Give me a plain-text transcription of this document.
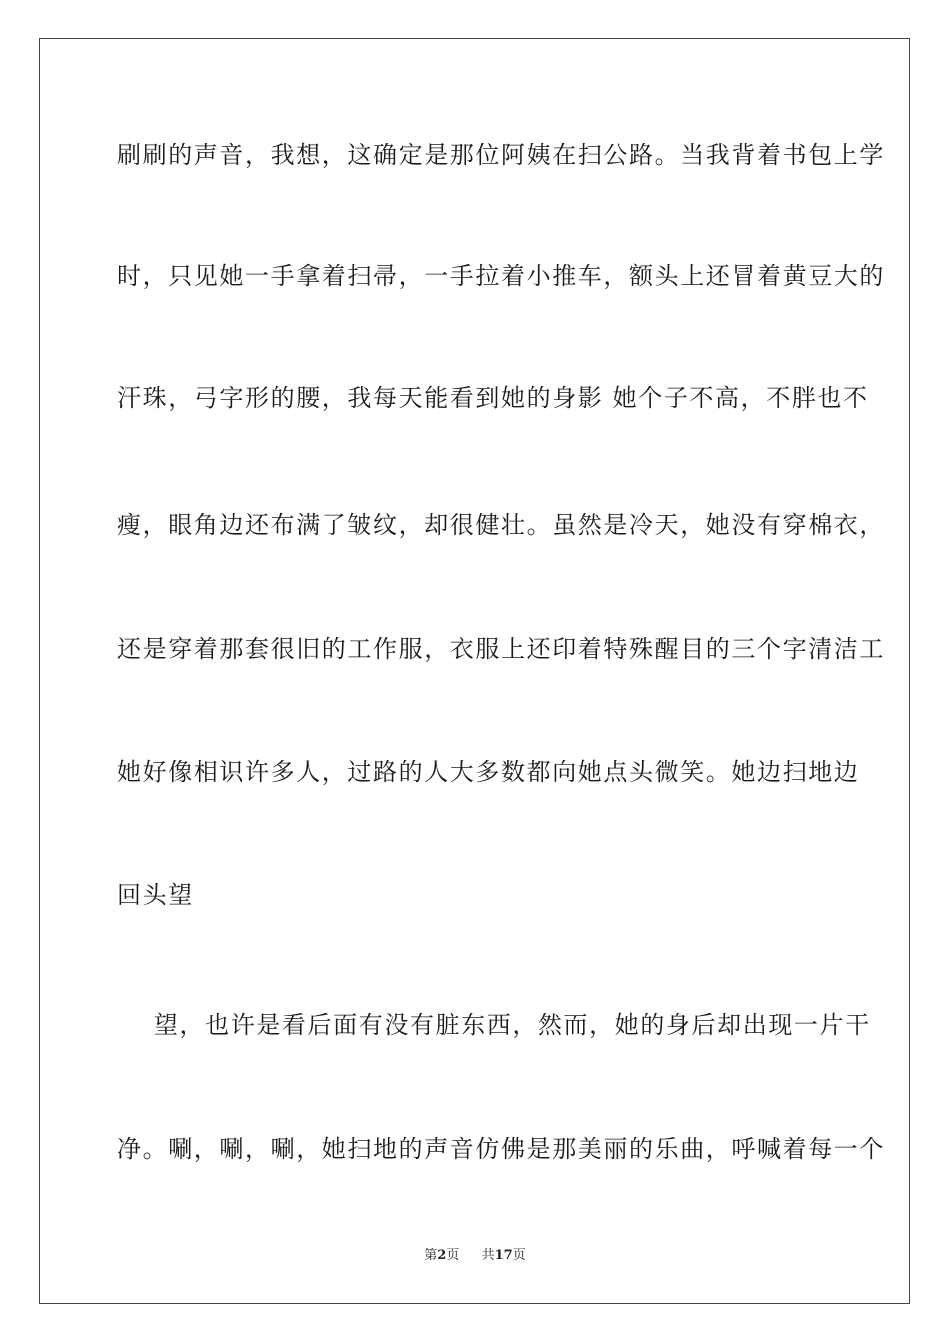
刷刷的声音，我想，这确定是那位阿姨在扫公路。当我背着书包上学
时，只见她一手拿着扫帚，一手拉着小推车，额头上还冒着黄豆大的
汗珠，弓字形的腰，我每天能看到她的身影 她个子不高，不胖也不
瘦，眼角边还布满了皱纹，却很健壮。虽然是冷天，她没有穿棉衣，
还是穿着那套很旧的工作服，衣服上还印着特殊醒目的三个字清洁工
她好像相识许多人，过路的人大多数都向她点头微笑。她边扫地边
回头望
望，也许是看后面有没有脏东西，然而，她的身后却出现一片干
净。唰，唰，唰，她扫地的声音仿佛是那美丽的乐曲，呼喊着每一个
第2页 共17页
